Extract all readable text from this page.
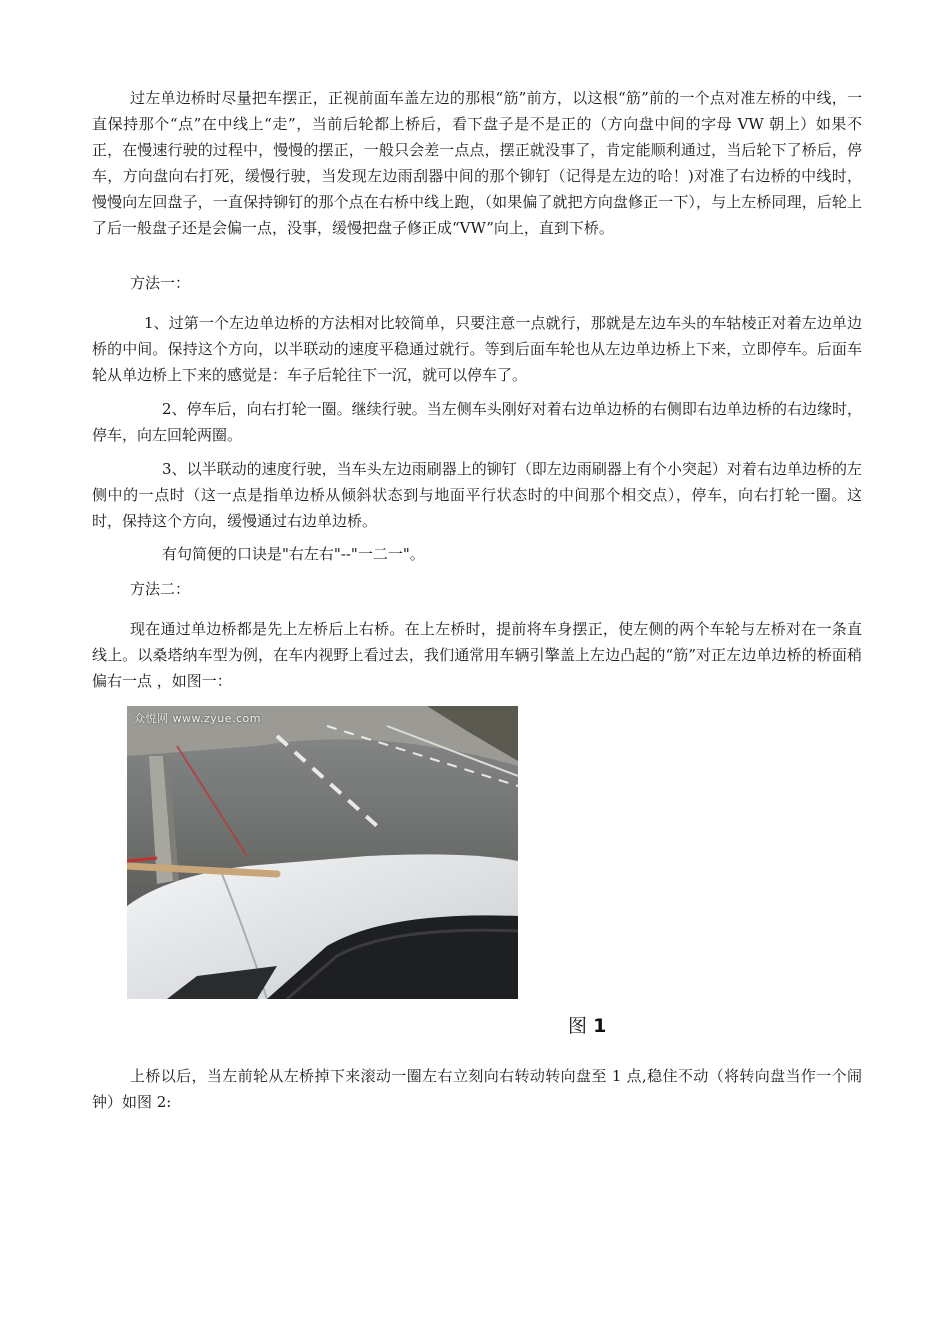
过左单边桥时尽量把车摆正，正视前面车盖左边的那根“筋”前方，以这根“筋”前的一个点对准左桥的中线，一直保持那个“点”在中线上“走”，当前后轮都上桥后，看下盘子是不是正的（方向盘中间的字母 VW 朝上）如果不正，在慢速行驶的过程中，慢慢的摆正，一般只会差一点点，摆正就没事了，肯定能顺利通过，当后轮下了桥后，停车，方向盘向右打死，缓慢行驶，当发现左边雨刮器中间的那个铆钉（记得是左边的哈！)对准了右边桥的中线时，慢慢向左回盘子，一直保持铆钉的那个点在右桥中线上跑，（如果偏了就把方向盘修正一下），与上左桥同理，后轮上了后一般盘子还是会偏一点，没事，缓慢把盘子修正成“VW”向上，直到下桥。

方法一：

1、过第一个左边单边桥的方法相对比较简单，只要注意一点就行，那就是左边车头的车轱棱正对着左边单边桥的中间。保持这个方向，以半联动的速度平稳通过就行。等到后面车轮也从左边单边桥上下来，立即停车。后面车轮从单边桥上下来的感觉是：车子后轮往下一沉，就可以停车了。

2、停车后，向右打轮一圈。继续行驶。当左侧车头刚好对着右边单边桥的右侧即右边单边桥的右边缘时，停车，向左回轮两圈。

3、以半联动的速度行驶，当车头左边雨刷器上的铆钉（即左边雨刷器上有个小突起）对着右边单边桥的左侧中的一点时（这一点是指单边桥从倾斜状态到与地面平行状态时的中间那个相交点），停车，向右打轮一圈。这时，保持这个方向，缓慢通过右边单边桥。

有句简便的口诀是"右左右"--"一二一"。

方法二：

现在通过单边桥都是先上左桥后上右桥。在上左桥时，提前将车身摆正，使左侧的两个车轮与左桥对在一条直线上。以桑塔纳车型为例，在车内视野上看过去，我们通常用车辆引擎盖上左边凸起的“筋”对正左边单边桥的桥面稍偏右一点 ，如图一：

众悦网 www.zyue.com
图 1

上桥以后，当左前轮从左桥掉下来滚动一圈左右立刻向右转动转向盘至 1 点,稳住不动（将转向盘当作一个闹钟）如图 2:
